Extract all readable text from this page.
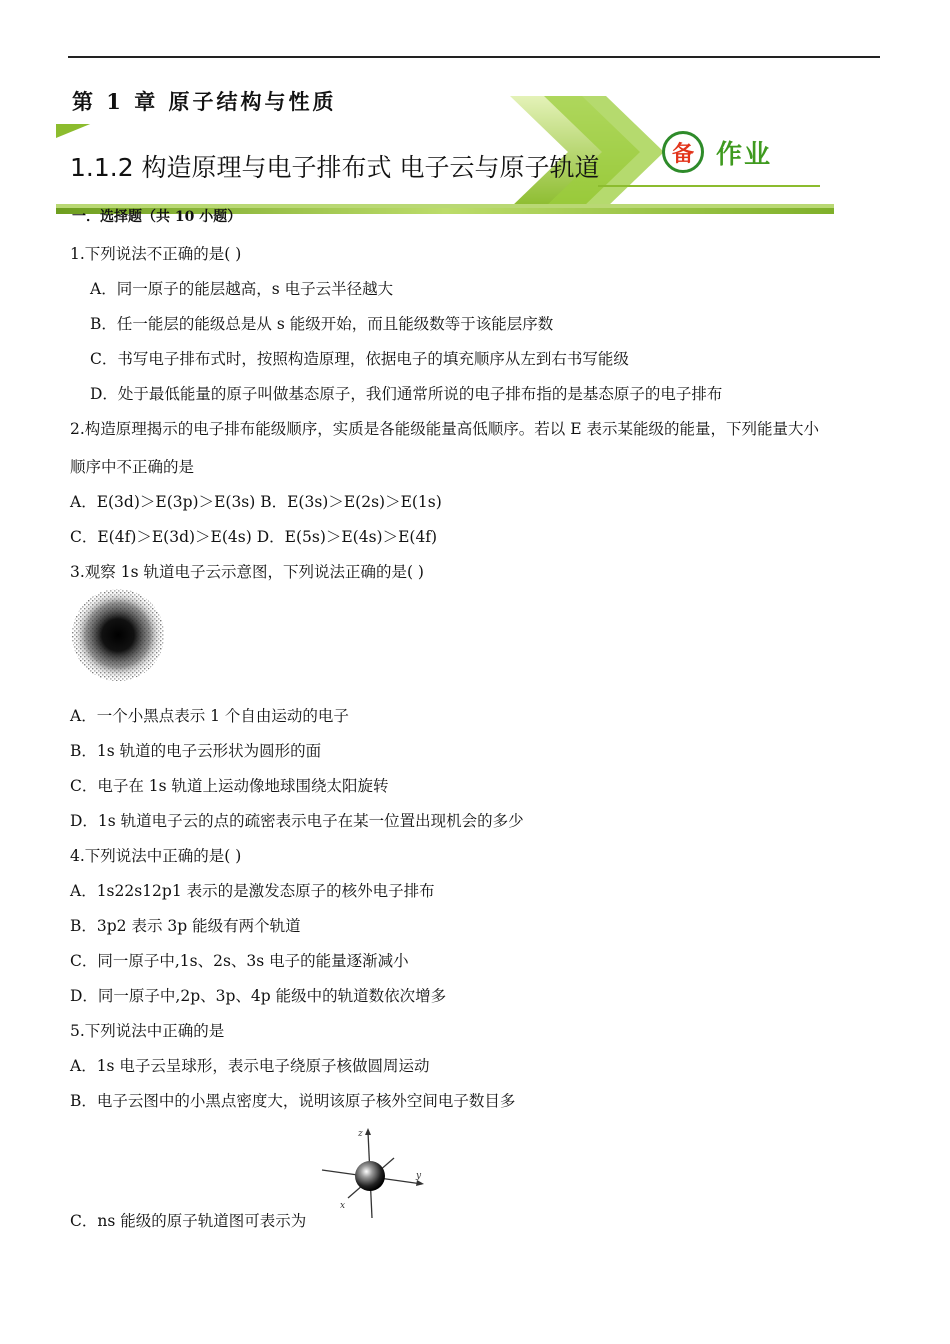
第 1 章 原子结构与性质
1.1.2 构造原理与电子排布式 电子云与原子轨道	备 作业
一．选择题（共 10 小题）
1.下列说法不正确的是( )
A．同一原子的能层越高，s 电子云半径越大
B．任一能层的能级总是从 s 能级开始，而且能级数等于该能层序数
C．书写电子排布式时，按照构造原理，依据电子的填充顺序从左到右书写能级
D．处于最低能量的原子叫做基态原子，我们通常所说的电子排布指的是基态原子的电子排布
2.构造原理揭示的电子排布能级顺序，实质是各能级能量高低顺序。若以 E 表示某能级的能量，下列能量大小
顺序中不正确的是
A．E(3d)＞E(3p)＞E(3s) B．E(3s)＞E(2s)＞E(1s)
C．E(4f)＞E(3d)＞E(4s) D．E(5s)＞E(4s)＞E(4f)
3.观察 1s 轨道电子云示意图，下列说法正确的是( )
A．一个小黑点表示 1 个自由运动的电子
B．1s 轨道的电子云形状为圆形的面
C．电子在 1s 轨道上运动像地球围绕太阳旋转
D．1s 轨道电子云的点的疏密表示电子在某一位置出现机会的多少
4.下列说法中正确的是( )
A．1s22s12p1 表示的是激发态原子的核外电子排布
B．3p2 表示 3p 能级有两个轨道
C．同一原子中,1s、2s、3s 电子的能量逐渐减小
D．同一原子中,2p、3p、4p 能级中的轨道数依次增多
5.下列说法中正确的是
A．1s 电子云呈球形，表示电子绕原子核做圆周运动
B．电子云图中的小黑点密度大，说明该原子核外空间电子数目多
z
y
x
C．ns 能级的原子轨道图可表示为
